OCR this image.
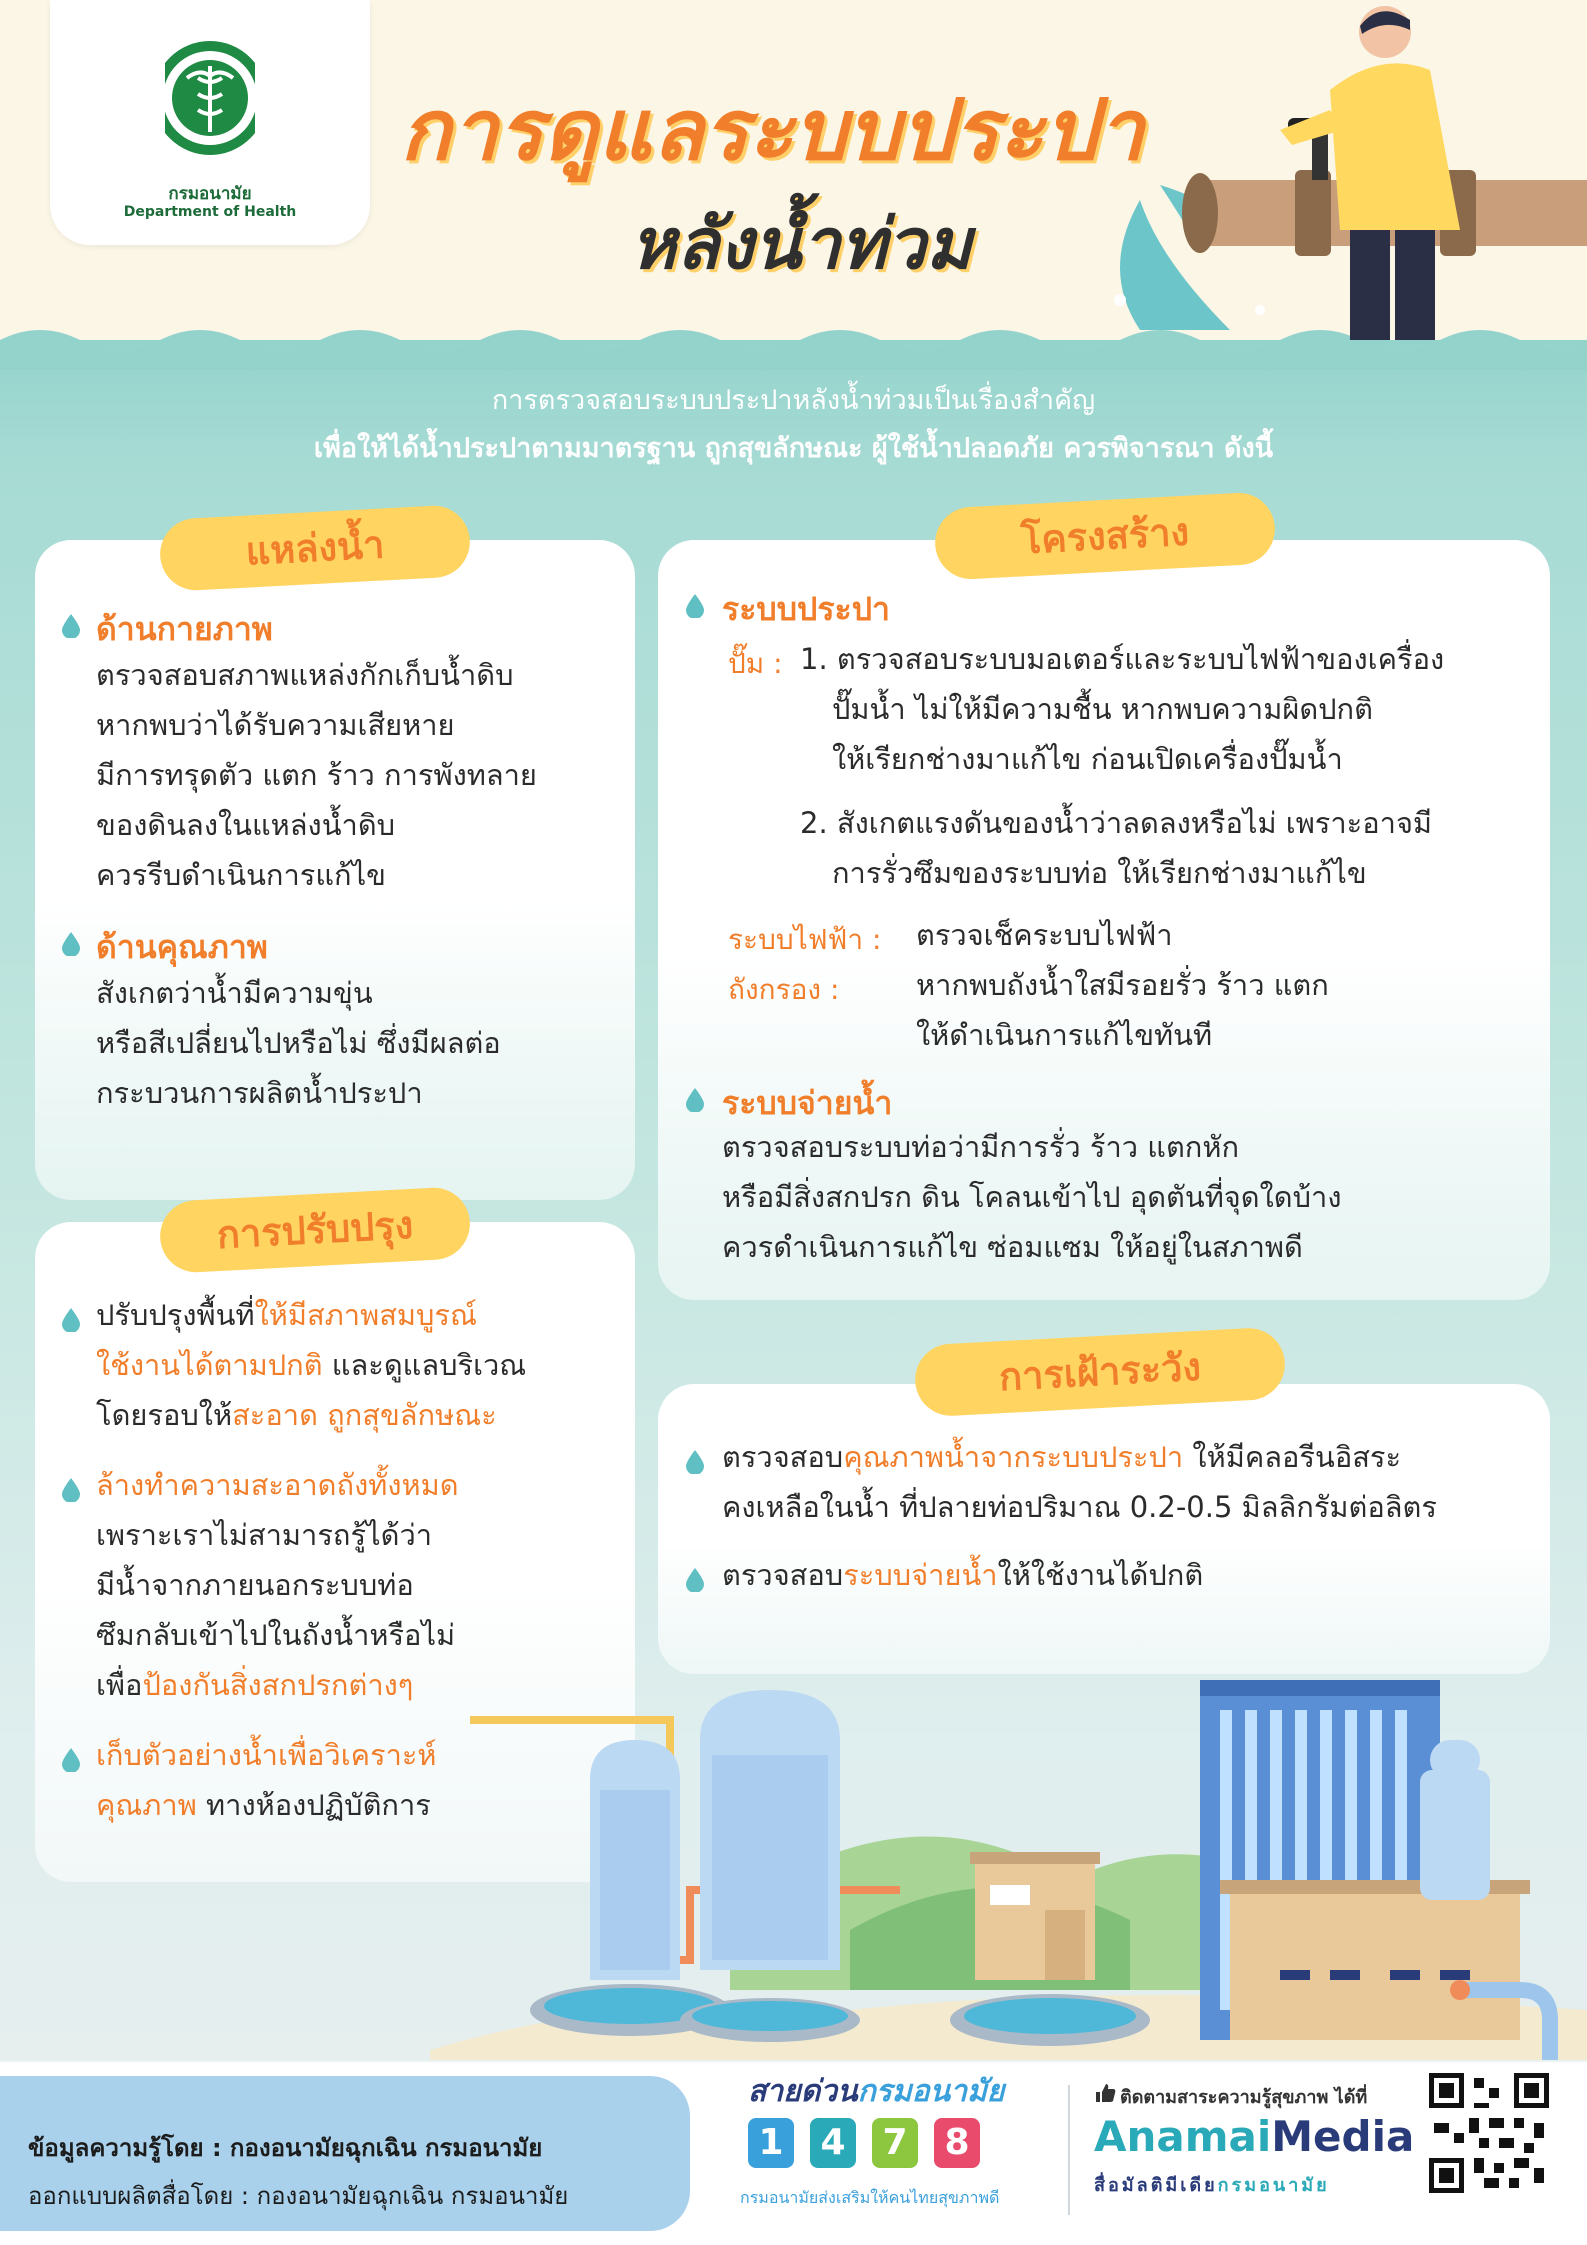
กรมอนามัย
Department of Health
การดูแลระบบประปา
หลังน้ำท่วม
การตรวจสอบระบบประปาหลังน้ำท่วมเป็นเรื่องสำคัญ
เพื่อให้ได้น้ำประปาตามมาตรฐาน ถูกสุขลักษณะ ผู้ใช้น้ำปลอดภัย ควรพิจารณา ดังนี้
แหล่งน้ำ
ด้านกายภาพ
ตรวจสอบสภาพแหล่งกักเก็บน้ำดิบ
หากพบว่าได้รับความเสียหาย
มีการทรุดตัว แตก ร้าว การพังทลาย
ของดินลงในแหล่งน้ำดิบ
ควรรีบดำเนินการแก้ไข
ด้านคุณภาพ
สังเกตว่าน้ำมีความขุ่น
หรือสีเปลี่ยนไปหรือไม่ ซึ่งมีผลต่อ
กระบวนการผลิตน้ำประปา
การปรับปรุง
ปรับปรุงพื้นที่ให้มีสภาพสมบูรณ์
ใช้งานได้ตามปกติ และดูแลบริเวณ
โดยรอบให้สะอาด ถูกสุขลักษณะ
ล้างทำความสะอาดถังทั้งหมด
เพราะเราไม่สามารถรู้ได้ว่า
มีน้ำจากภายนอกระบบท่อ
ซึมกลับเข้าไปในถังน้ำหรือไม่
เพื่อป้องกันสิ่งสกปรกต่างๆ
เก็บตัวอย่างน้ำเพื่อวิเคราะห์
คุณภาพ ทางห้องปฏิบัติการ
โครงสร้าง
ระบบประปา
ปั๊ม : 1. ตรวจสอบระบบมอเตอร์และระบบไฟฟ้าของเครื่อง
ปั๊มน้ำ ไม่ให้มีความชื้น หากพบความผิดปกติ
ให้เรียกช่างมาแก้ไข ก่อนเปิดเครื่องปั๊มน้ำ
2. สังเกตแรงดันของน้ำว่าลดลงหรือไม่ เพราะอาจมี
การรั่วซึมของระบบท่อ ให้เรียกช่างมาแก้ไข
ระบบไฟฟ้า : ตรวจเช็คระบบไฟฟ้า
ถังกรอง :	หากพบถังน้ำใสมีรอยรั่ว ร้าว แตก
ให้ดำเนินการแก้ไขทันที
ระบบจ่ายน้ำ
ตรวจสอบระบบท่อว่ามีการรั่ว ร้าว แตกหัก
หรือมีสิ่งสกปรก ดิน โคลนเข้าไป อุดตันที่จุดใดบ้าง
ควรดำเนินการแก้ไข ซ่อมแซม ให้อยู่ในสภาพดี
การเฝ้าระวัง
ตรวจสอบคุณภาพน้ำจากระบบประปา ให้มีคลอรีนอิสระ
คงเหลือในน้ำ ที่ปลายท่อปริมาณ 0.2-0.5 มิลลิกรัมต่อลิตร
ตรวจสอบระบบจ่ายน้ำให้ใช้งานได้ปกติ
ข้อมูลความรู้โดย : กองอนามัยฉุกเฉิน กรมอนามัย
ออกแบบผลิตสื่อโดย : กองอนามัยฉุกเฉิน กรมอนามัย
สายด่วนกรมอนามัย
1 4 7 8
กรมอนามัยส่งเสริมให้คนไทยสุขภาพดี
ติดตามสาระความรู้สุขภาพ ได้ที่
AnamaiMedia
สื่อมัลติมีเดียกรมอนามัย
